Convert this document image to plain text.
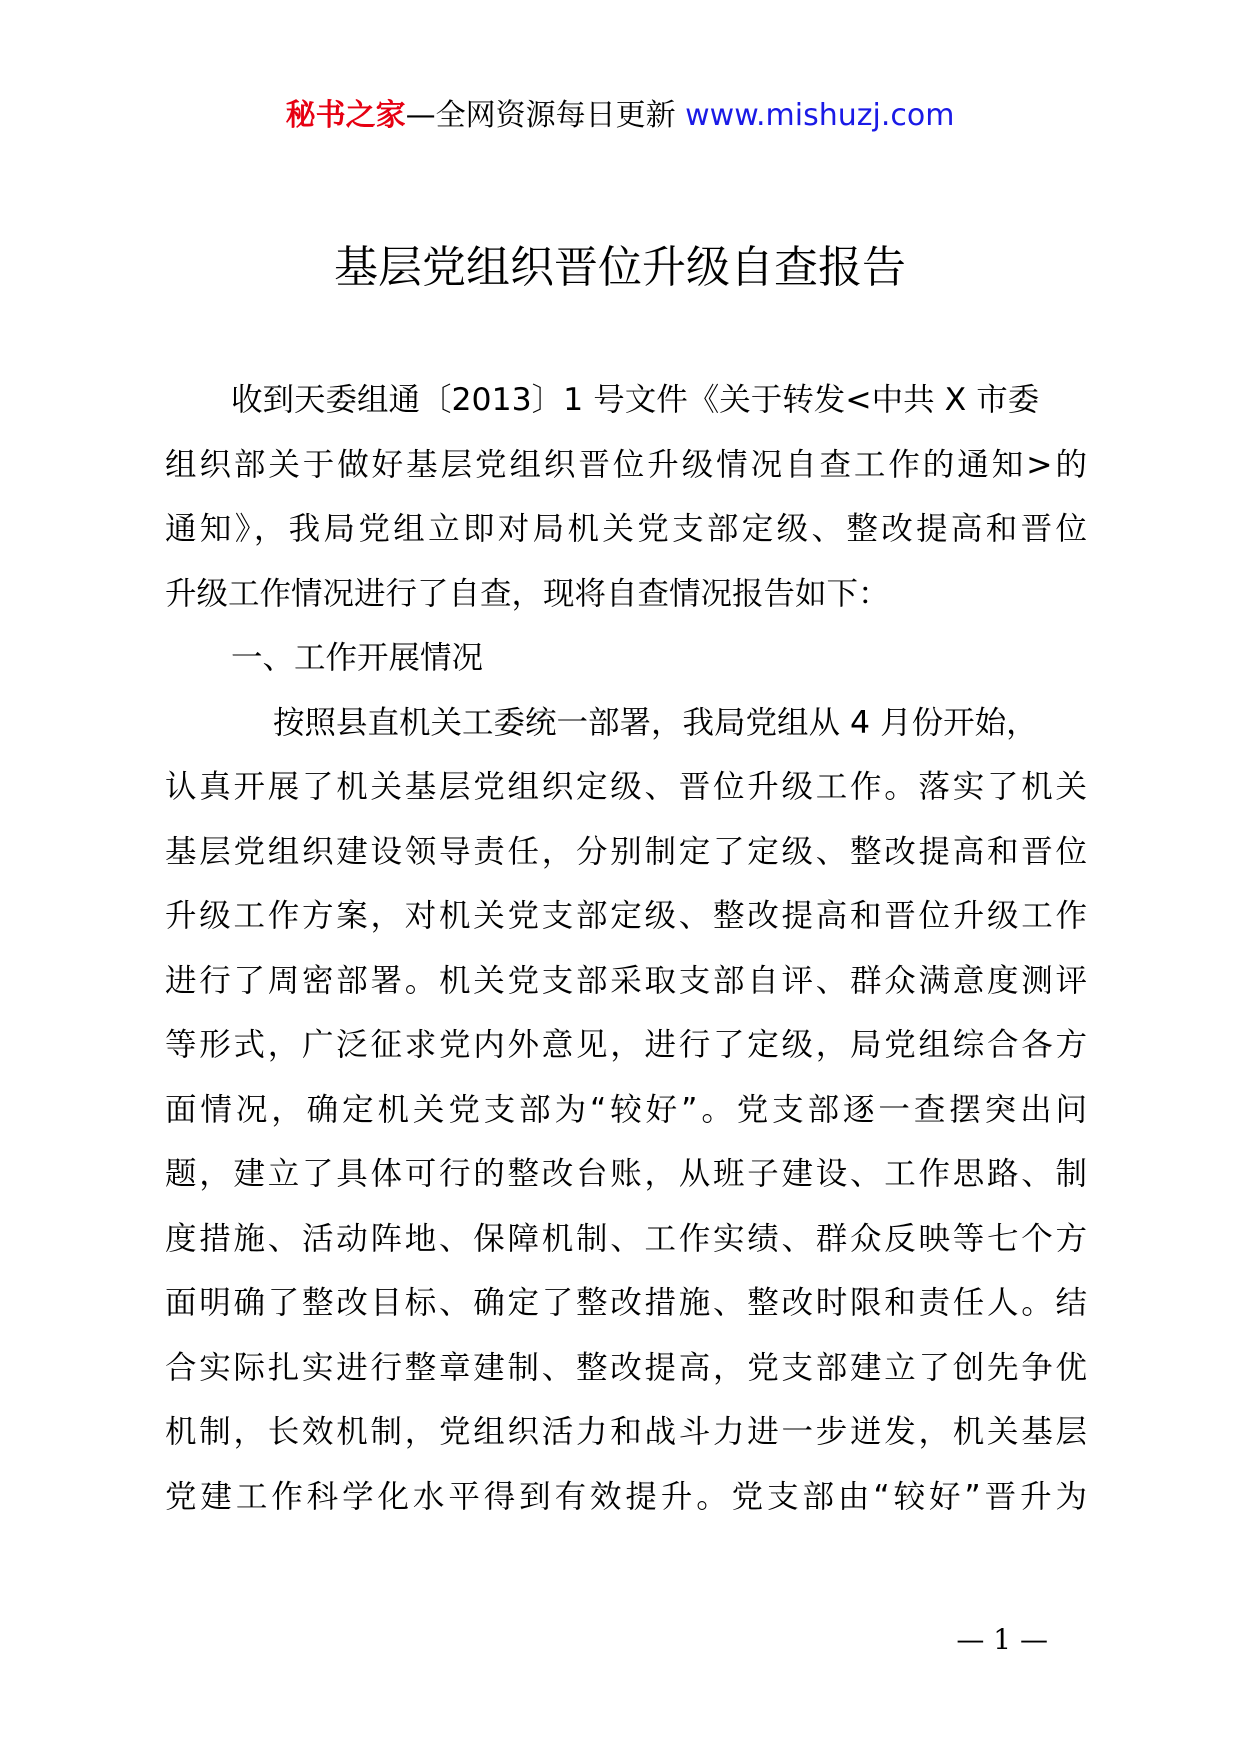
秘书之家—全网资源每日更新 www.mishuzj.com
基层党组织晋位升级自查报告
收到天委组通〔2013〕1 号文件《关于转发<中共 X 市委
组织部关于做好基层党组织晋位升级情况自查工作的通知>的
通知》，我局党组立即对局机关党支部定级、整改提高和晋位
升级工作情况进行了自查，现将自查情况报告如下：
一、工作开展情况
按照县直机关工委统一部署，我局党组从 4 月份开始，
认真开展了机关基层党组织定级、晋位升级工作。落实了机关
基层党组织建设领导责任，分别制定了定级、整改提高和晋位
升级工作方案，对机关党支部定级、整改提高和晋位升级工作
进行了周密部署。机关党支部采取支部自评、群众满意度测评
等形式，广泛征求党内外意见，进行了定级，局党组综合各方
面情况，确定机关党支部为“较好”。党支部逐一查摆突出问
题，建立了具体可行的整改台账，从班子建设、工作思路、制
度措施、活动阵地、保障机制、工作实绩、群众反映等七个方
面明确了整改目标、确定了整改措施、整改时限和责任人。结
合实际扎实进行整章建制、整改提高，党支部建立了创先争优
机制，长效机制，党组织活力和战斗力进一步迸发，机关基层
党建工作科学化水平得到有效提升。党支部由“较好”晋升为
— 1 —
